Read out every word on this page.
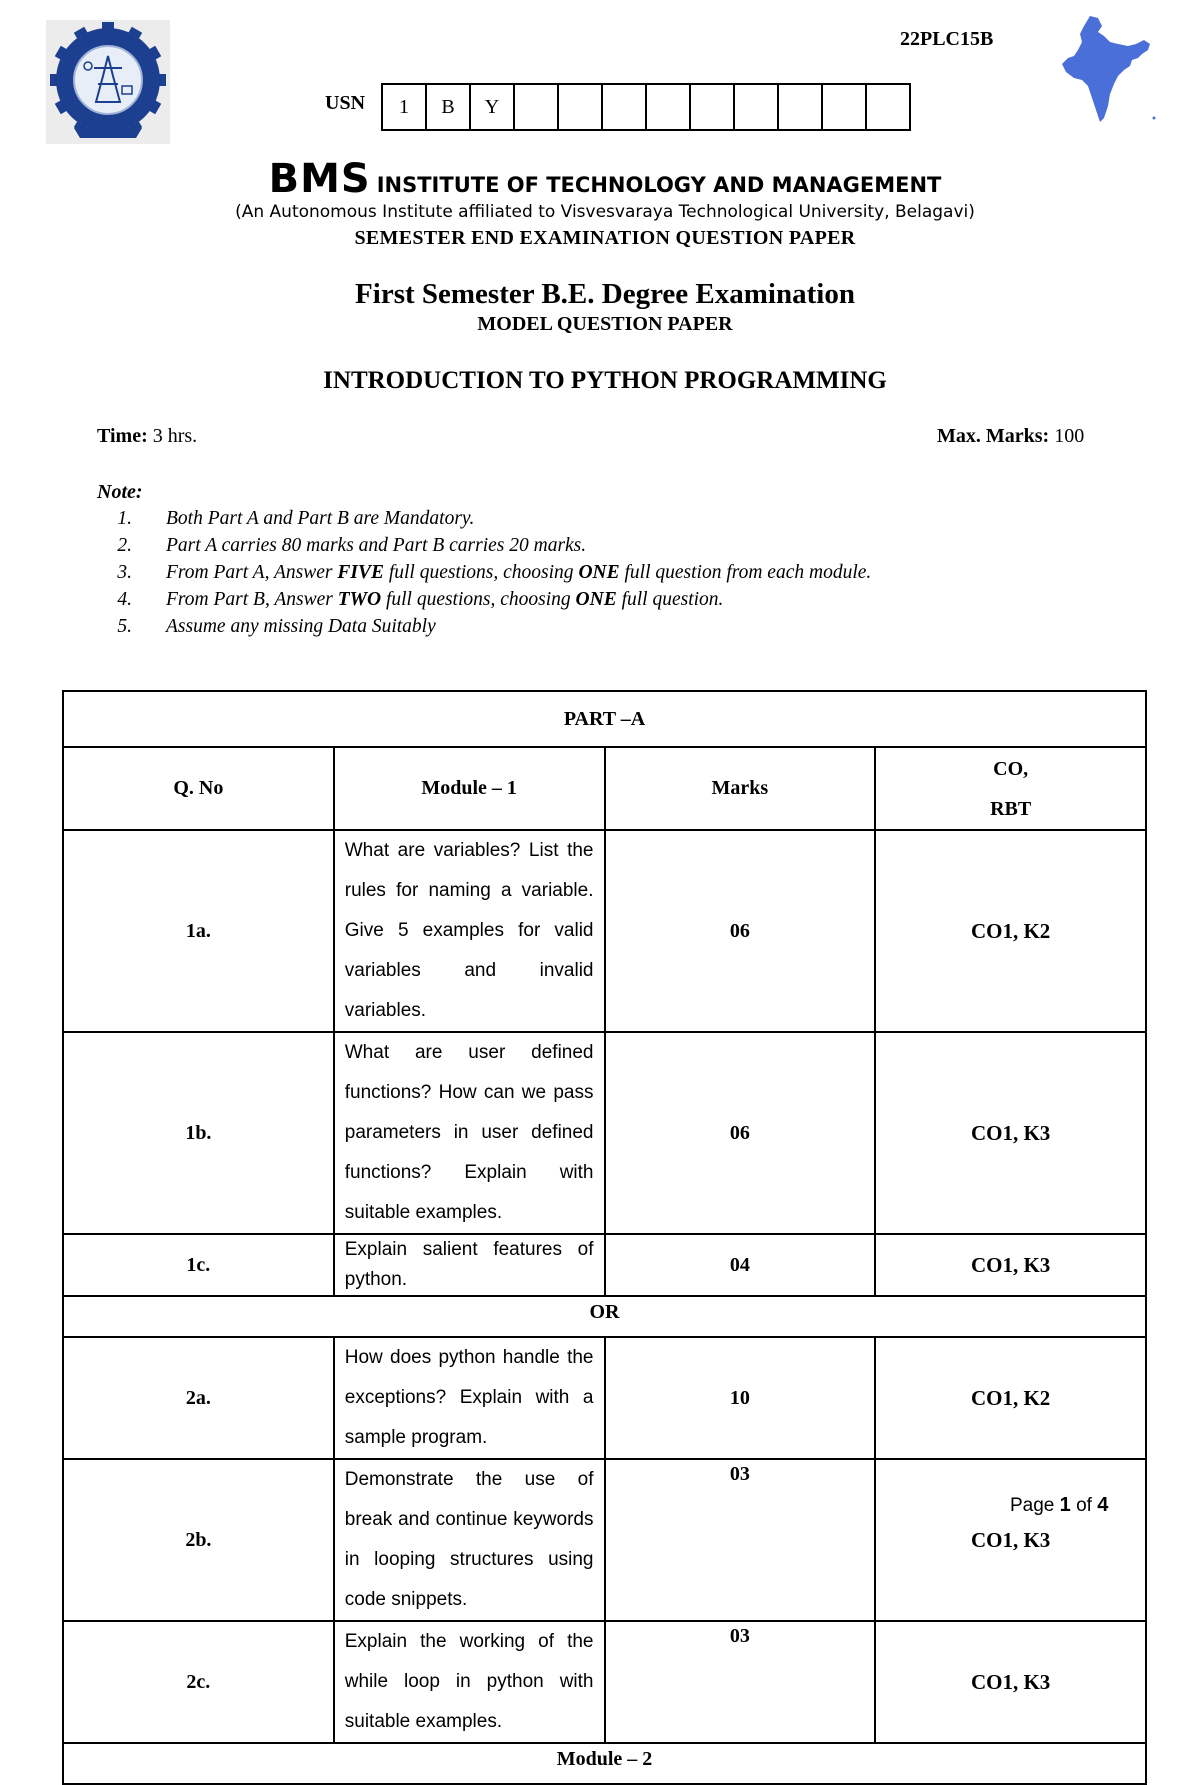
22PLC15B
USN	1	B	Y
BMS INSTITUTE OF TECHNOLOGY AND MANAGEMENT
(An Autonomous Institute affiliated to Visvesvaraya Technological University, Belagavi)
SEMESTER END EXAMINATION QUESTION PAPER
First Semester B.E. Degree Examination
MODEL QUESTION PAPER
INTRODUCTION TO PYTHON PROGRAMMING
Time: 3 hrs.	Max. Marks: 100
Note:
1. Both Part A and Part B are Mandatory.
2. Part A carries 80 marks and Part B carries 20 marks.
3. From Part A, Answer FIVE full questions, choosing ONE full question from each module.
4. From Part B, Answer TWO full questions, choosing ONE full question.
5. Assume any missing Data Suitably
PART –A			
Q. No	Module – 1	Marks	CO,
RBT
1a.	What are variables? List the rules for naming a variable. Give 5 examples for valid variables and invalid variables.	06	CO1, K2
1b.	What are user defined functions? How can we pass parameters in user defined functions? Explain with suitable examples.	06	CO1, K3
1c.	Explain salient features of python.	04	CO1, K3
OR			
2a.	How does python handle the exceptions? Explain with a sample program.	10	CO1, K2
2b.	Demonstrate the use of break and continue keywords in looping structures using code snippets.	03	CO1, K3
2c.	Explain the working of the while loop in python with suitable examples.	03	CO1, K3
Module – 2			
Page 1 of 4
